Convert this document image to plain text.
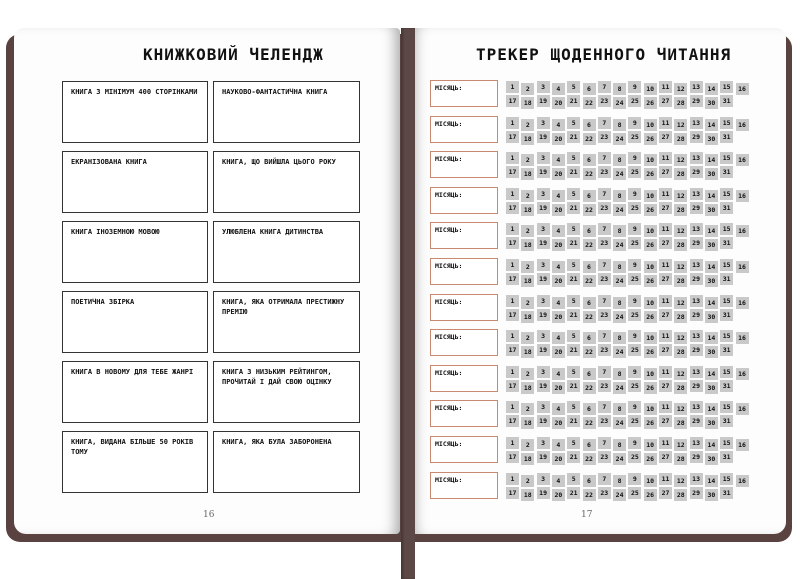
КНИЖКОВИЙ ЧЕЛЕНДЖ	ТРЕКЕР ЩОДЕННОГО ЧИТАННЯ
КНИГА З МІНІМУМ 400 СТОРІНКАМИ	НАУКОВО-ФАНТАСТИЧНА КНИГА
ЕКРАНІЗОВАНА КНИГА	КНИГА, ЩО ВИЙШЛА ЦЬОГО РОКУ
КНИГА ІНОЗЕМНОЮ МОВОЮ	УЛЮБЛЕНА КНИГА ДИТИНСТВА
ПОЕТИЧНА ЗБІРКА	КНИГА, ЯКА ОТРИМАЛА ПРЕСТИЖНУ ПРЕМІЮ
КНИГА В НОВОМУ ДЛЯ ТЕБЕ ЖАНРІ	КНИГА З НИЗЬКИМ РЕЙТИНГОМ, ПРОЧИТАЙ І ДАЙ СВОЮ ОЦІНКУ
КНИГА, ВИДАНА БІЛЬШЕ 50 РОКІВ ТОМУ
КНИГА, ЯКА БУЛА ЗАБОРОНЕНА
МІСЯЦЬ:	1	2	3	4	5	6	7	8	9	10	11	12	13	14	15	16
17	18	19	20	21	22	23	24	25	26	27	28	29	30	31
МІСЯЦЬ:	1	2	3	4	5	6	7	8	9	10	11	12	13	14	15	16
17	18	19	20	21	22	23	24	25	26	27	28	29	30	31
МІСЯЦЬ:	1	2	3	4	5	6	7	8	9	10	11	12	13	14	15	16
17	18	19	20	21	22	23	24	25	26	27	28	29	30	31
МІСЯЦЬ:	1	2	3	4	5	6	7	8	9	10	11	12	13	14	15	16
17	18	19	20	21	22	23	24	25	26	27	28	29	30	31
МІСЯЦЬ:	1	2	3	4	5	6	7	8	9	10	11	12	13	14	15	16
17	18	19	20	21	22	23	24	25	26	27	28	29	30	31
МІСЯЦЬ:	1	2	3	4	5	6	7	8	9	10	11	12	13	14	15	16
17	18	19	20	21	22	23	24	25	26	27	28	29	30	31
МІСЯЦЬ:	1	2	3	4	5	6	7	8	9	10	11	12	13	14	15	16
17	18	19	20	21	22	23	24	25	26	27	28	29	30	31
МІСЯЦЬ:	1	2	3	4	5	6	7	8	9	10	11	12	13	14	15	16
17	18	19	20	21	22	23	24	25	26	27	28	29	30	31
МІСЯЦЬ:	1	2	3	4	5	6	7	8	9	10	11	12	13	14	15	16
17	18	19	20	21	22	23	24	25	26	27	28	29	30	31
МІСЯЦЬ:	1	2	3	4	5	6	7	8	9	10	11	12	13	14	15	16
17	18	19	20	21	22	23	24	25	26	27	28	29	30	31
МІСЯЦЬ:	1	2	3	4	5	6	7	8	9	10	11	12	13	14	15	16
17	18	19	20	21	22	23	24	25	26	27	28	29	30	31
МІСЯЦЬ:	1	2	3	4	5	6	7	8	9	10	11	12	13	14	15	16
17	18	19	20	21	22	23	24	25	26	27	28	29	30	31
16	17
